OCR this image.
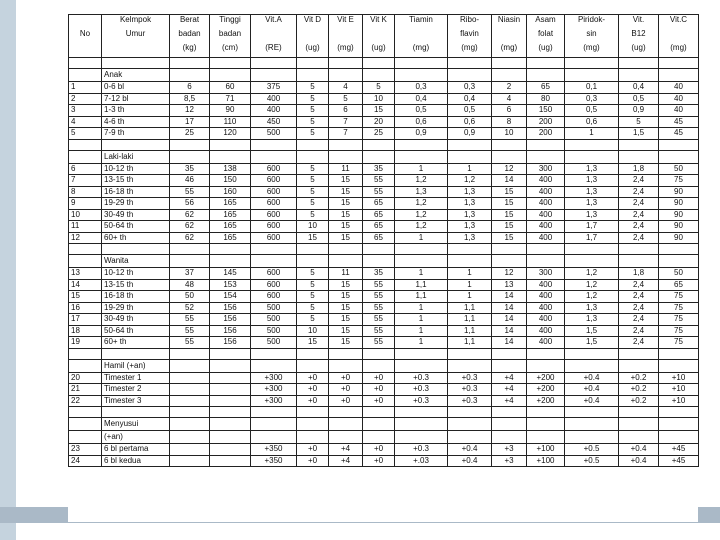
	Kelmpok	Berat	Tinggi	Vit.A	Vit D	Vit E	Vit K	Tiamin	Ribo-	Niasin	Asam	Piridok-	Vit.	Vit.C
No	Umur	badan	badan						flavin		folat	sin	B12	
		(kg)	(cm)	(RE)	(ug)	(mg)	(ug)	(mg)	(mg)	(mg)	(ug)	(mg)	(ug)	(mg)

	Anak													
1	0-6 bl	6	60	375	5	4	5	0,3	0,3	2	65	0,1	0,4	40
2	7-12 bl	8,5	71	400	5	5	10	0,4	0,4	4	80	0,3	0,5	40
3	1-3 th	12	90	400	5	6	15	0,5	0,5	6	150	0,5	0,9	40
4	4-6 th	17	110	450	5	7	20	0,6	0,6	8	200	0,6	5	45
5	7-9 th	25	120	500	5	7	25	0,9	0,9	10	200	1	1,5	45

	Laki-laki													
6	10-12 th	35	138	600	5	11	35	1	1	12	300	1,3	1,8	50
7	13-15 th	46	150	600	5	15	55	1,2	1,2	14	400	1,3	2,4	75
8	16-18 th	55	160	600	5	15	55	1,3	1,3	15	400	1,3	2,4	90
9	19-29 th	56	165	600	5	15	65	1,2	1,3	15	400	1,3	2,4	90
10	30-49 th	62	165	600	5	15	65	1,2	1,3	15	400	1,3	2,4	90
11	50-64 th	62	165	600	10	15	65	1,2	1,3	15	400	1,7	2,4	90
12	60+ th	62	165	600	15	15	65	1	1,3	15	400	1,7	2,4	90

	Wanita													
13	10-12 th	37	145	600	5	11	35	1	1	12	300	1,2	1,8	50
14	13-15 th	48	153	600	5	15	55	1,1	1	13	400	1,2	2,4	65
15	16-18 th	50	154	600	5	15	55	1,1	1	14	400	1,2	2,4	75
16	19-29 th	52	156	500	5	15	55	1	1,1	14	400	1,3	2,4	75
17	30-49 th	55	156	500	5	15	55	1	1,1	14	400	1,3	2,4	75
18	50-64 th	55	156	500	10	15	55	1	1,1	14	400	1,5	2,4	75
19	60+ th	55	156	500	15	15	55	1	1,1	14	400	1,5	2,4	75

	Hamil (+an)													
20	Timester 1			+300	+0	+0	+0	+0.3	+0.3	+4	+200	+0.4	+0.2	+10
21	Timester 2			+300	+0	+0	+0	+0.3	+0.3	+4	+200	+0.4	+0.2	+10
22	Timester 3			+300	+0	+0	+0	+0.3	+0.3	+4	+200	+0.4	+0.2	+10

	Menyusui													
	(+an)													
23	6 bl pertama			+350	+0	+4	+0	+0.3	+0.4	+3	+100	+0.5	+0.4	+45
24	6 bl kedua			+350	+0	+4	+0	+.03	+0.4	+3	+100	+0.5	+0.4	+45
